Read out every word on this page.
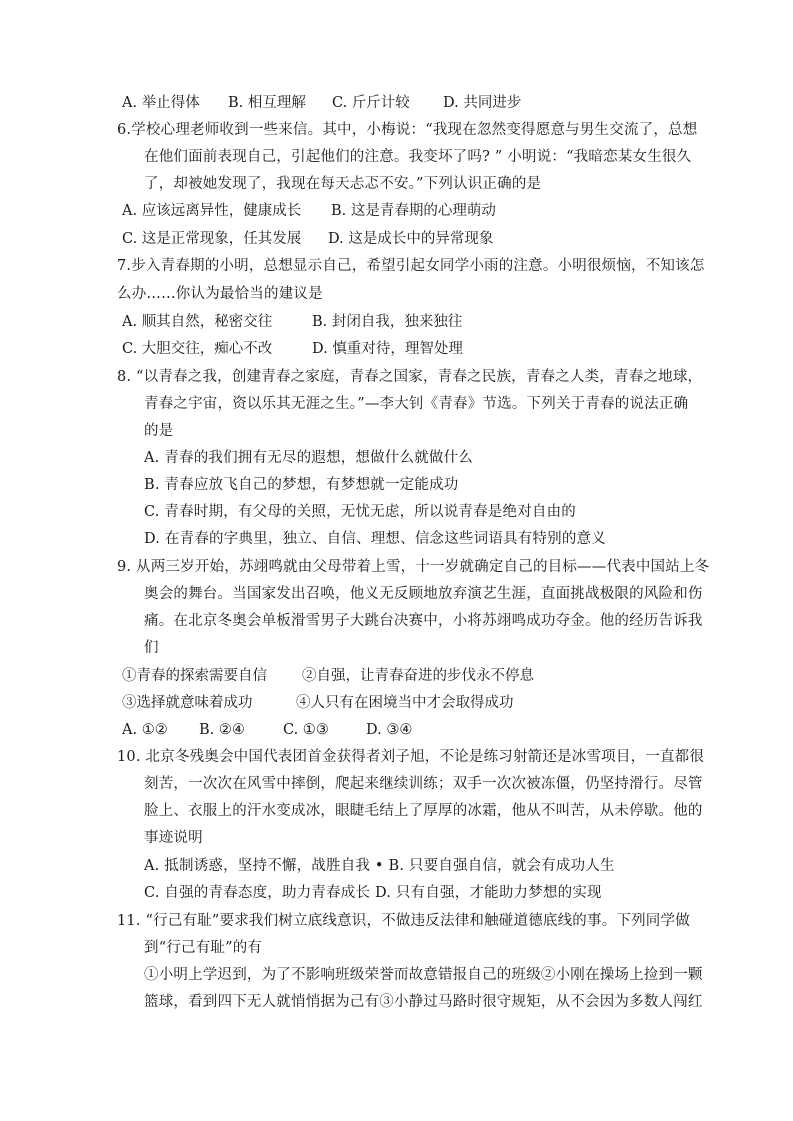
A. 举止得体 B. 相互理解 C. 斤斤计较 D. 共同进步
6.学校心理老师收到一些来信。其中，小梅说：“我现在忽然变得愿意与男生交流了，总想
在他们面前表现自己，引起他们的注意。我变坏了吗? ” 小明说：“我暗恋某女生很久
了，却被她发现了，我现在每天忐忑不安。”下列认识正确的是
A. 应该远离异性，健康成长 B. 这是青春期的心理萌动
C. 这是正常现象，任其发展 D. 这是成长中的异常现象
7.步入青春期的小明，总想显示自己，希望引起女同学小雨的注意。小明很烦恼，不知该怎
么办……你认为最恰当的建议是
A. 顺其自然，秘密交往	B. 封闭自我，独来独往
C. 大胆交往，痴心不改	D. 慎重对待，理智处理
8. “以青春之我，创建青春之家庭，青春之国家，青春之民族，青春之人类，青春之地球，
青春之宇宙，资以乐其无涯之生。”—李大钊《青春》节选。下列关于青春的说法正确
的是
A. 青春的我们拥有无尽的遐想，想做什么就做什么
B. 青春应放飞自己的梦想，有梦想就一定能成功
C. 青春时期，有父母的关照，无忧无虑，所以说青春是绝对自由的
D. 在青春的字典里，独立、自信、理想、信念这些词语具有特别的意义
9. 从两三岁开始，苏翊鸣就由父母带着上雪，十一岁就确定自己的目标——代表中国站上冬
奥会的舞台。当国家发出召唤，他义无反顾地放弃演艺生涯，直面挑战极限的风险和伤
痛。在北京冬奥会单板滑雪男子大跳台决赛中，小将苏翊鸣成功夺金。他的经历告诉我
们
①青春的探索需要自信 ②自强，让青春奋进的步伐永不停息
③选择就意味着成功	④人只有在困境当中才会取得成功
A. ①② B. ②④	C. ①③	D. ③④
10. 北京冬残奥会中国代表团首金获得者刘子旭，不论是练习射箭还是冰雪项目，一直都很
刻苦，一次次在风雪中摔倒，爬起来继续训练；双手一次次被冻僵，仍坚持滑行。尽管
脸上、衣服上的汗水变成冰，眼睫毛结上了厚厚的冰霜，他从不叫苦，从未停歇。他的
事迹说明
A. 抵制诱惑，坚持不懈，战胜自我 • B. 只要自强自信，就会有成功人生
C. 自强的青春态度，助力青春成长 D. 只有自强，才能助力梦想的实现
11. “行己有耻”要求我们树立底线意识，不做违反法律和触碰道德底线的事。下列同学做
到“行己有耻”的有
①小明上学迟到，为了不影响班级荣誉而故意错报自己的班级②小刚在操场上捡到一颗
篮球，看到四下无人就悄悄据为己有③小静过马路时很守规矩，从不会因为多数人闯红
